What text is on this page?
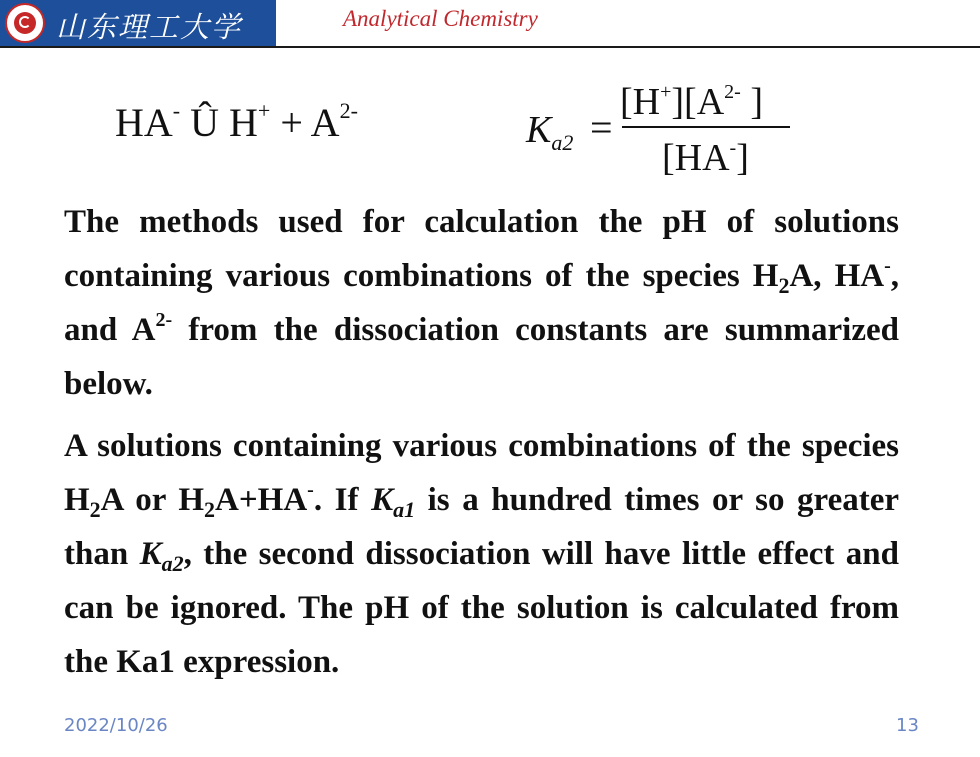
山东理工大学	Analytical Chemistry
HA- Û $H^+ + A^{2-}$	$K_{a2}$ =
$[H^+][A^{2-}$ ]
[HA-]
The methods used for calculation the pH of solutions containing various combinations of the species $H_2A$, HA-, and $A^{2-}$ from the dissociation constants are summarized below.
A solutions containing various combinations of the species $H_2A$ or $H_2A+HA^-$. If $K_{a1}$ is a hundred times or so greater than $K_{a2}$, the second dissociation will have little effect and can be ignored. The pH of the solution is calculated from the Ka1 expression.
2022/10/26	13
